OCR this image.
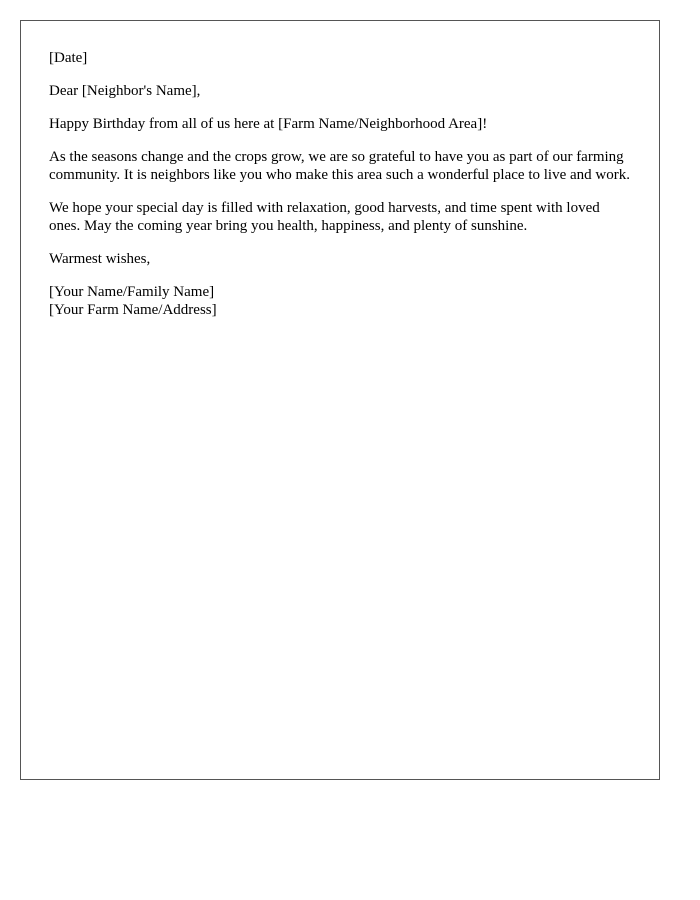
[Date]

Dear [Neighbor's Name],

Happy Birthday from all of us here at [Farm Name/Neighborhood Area]!

As the seasons change and the crops grow, we are so grateful to have you as part of our farming community. It is neighbors like you who make this area such a wonderful place to live and work.

We hope your special day is filled with relaxation, good harvests, and time spent with loved ones. May the coming year bring you health, happiness, and plenty of sunshine.

Warmest wishes,

[Your Name/Family Name]
[Your Farm Name/Address]
